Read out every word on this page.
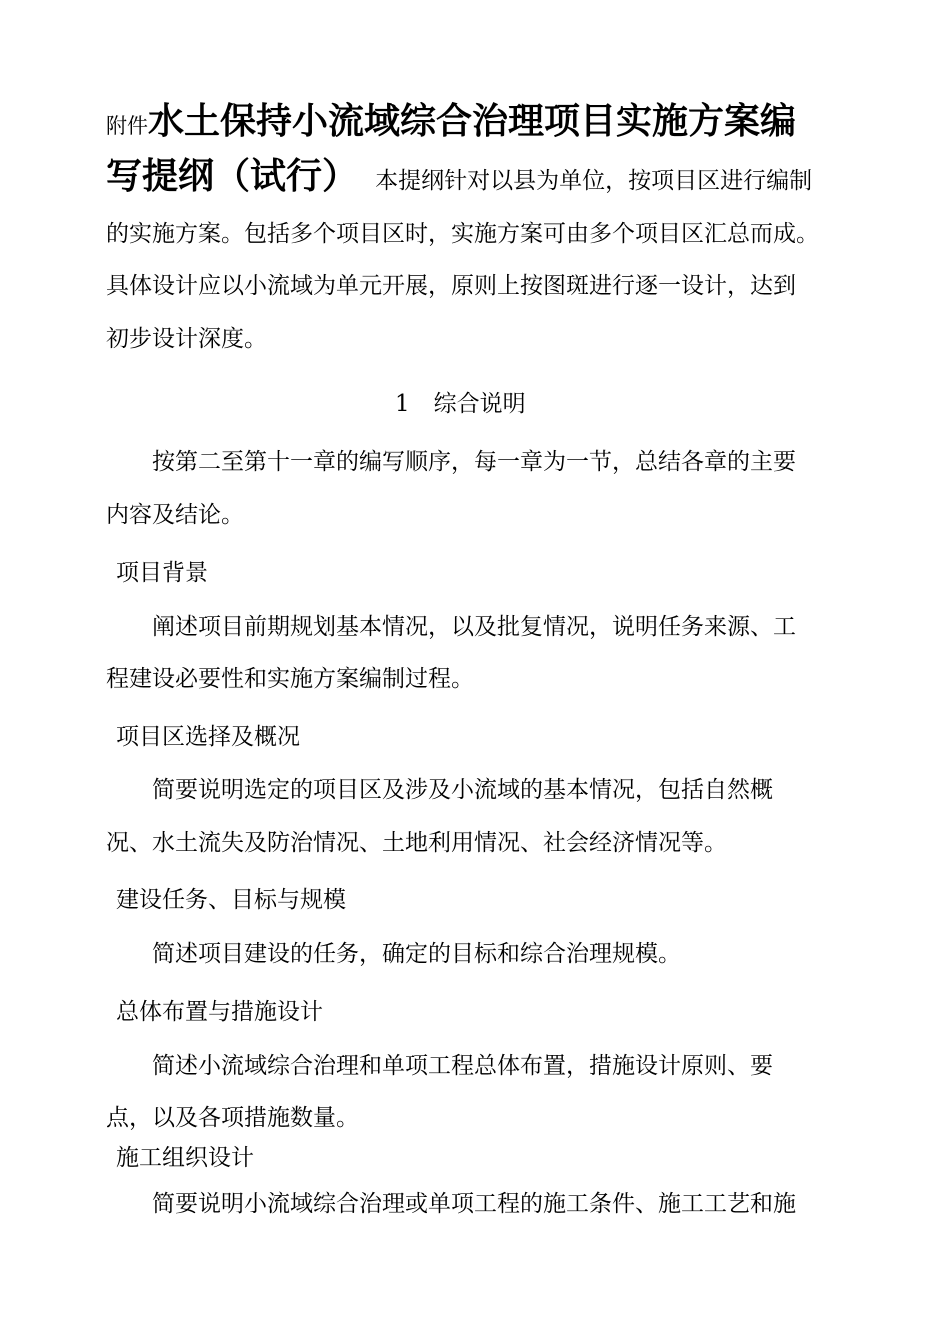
附件水土保持小流域综合治理项目实施方案编
写提纲（试行） 本提纲针对以县为单位，按项目区进行编制
的实施方案。包括多个项目区时，实施方案可由多个项目区汇总而成。
具体设计应以小流域为单元开展，原则上按图斑进行逐一设计，达到
初步设计深度。
1 综合说明
按第二至第十一章的编写顺序，每一章为一节，总结各章的主要
内容及结论。
项目背景
阐述项目前期规划基本情况，以及批复情况，说明任务来源、工
程建设必要性和实施方案编制过程。
项目区选择及概况
简要说明选定的项目区及涉及小流域的基本情况，包括自然概
况、水土流失及防治情况、土地利用情况、社会经济情况等。
建设任务、目标与规模
简述项目建设的任务，确定的目标和综合治理规模。
总体布置与措施设计
简述小流域综合治理和单项工程总体布置，措施设计原则、要
点，以及各项措施数量。
施工组织设计
简要说明小流域综合治理或单项工程的施工条件、施工工艺和施
